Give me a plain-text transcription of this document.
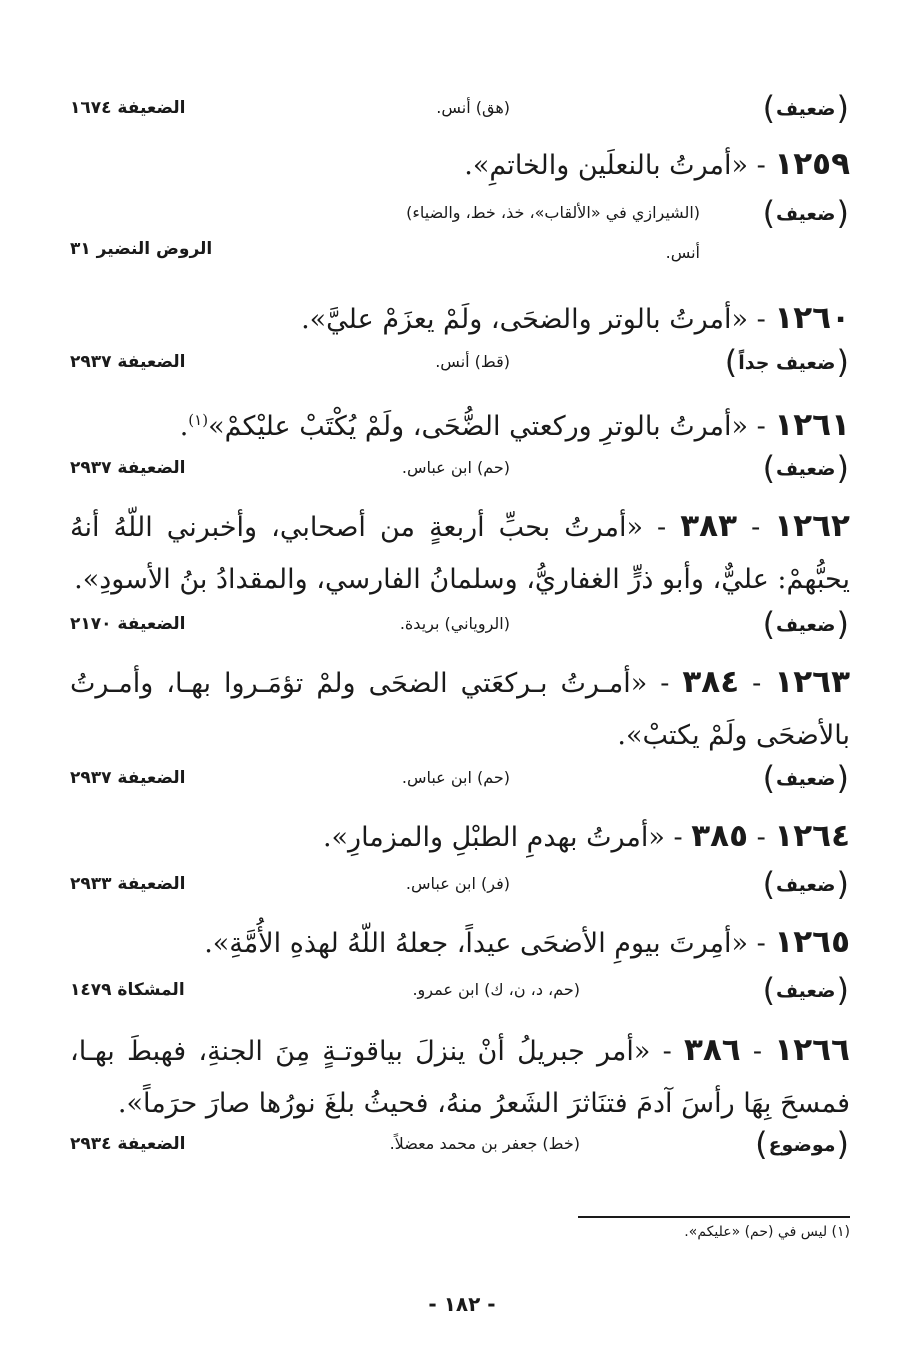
(ضعيف)
(هق) أنس.
الضعيفة ١٦٧٤
١٢٥٩ - «أمرتُ بالنعلَين والخاتمِ».
(ضعيف)
(الشيرازي في «الألقاب»، خذ، خط، والضياء)
أنس.
الروض النضير ٣١
١٢٦٠ - «أمرتُ بالوتر والضحَى، ولَمْ يعزَمْ عليَّ».
(ضعيف جداً)
(قط) أنس.
الضعيفة ٢٩٣٧
١٢٦١ - «أمرتُ بالوترِ وركعتي الضُّحَى، ولَمْ يُكْتَبْ عليْكمْ»$^{(١)}$.
(ضعيف)
(حم) ابن عباس.
الضعيفة ٢٩٣٧
١٢٦٢ - ٣٨٣ - «أمرتُ بحبِّ أربعةٍ من أصحابي، وأخبرني اللّهُ أنهُ يحبُّهمْ: عليٌّ، وأبو ذرٍّ الغفاريُّ، وسلمانُ الفارسي، والمقدادُ بنُ الأسودِ».
(ضعيف)
(الروياني) بريدة.
الضعيفة ٢١٧٠
١٢٦٣ - ٣٨٤ - «أمـرتُ بـركعَتي الضحَى ولمْ تؤمَـروا بهـا، وأمـرتُ بالأضحَى ولَمْ يكتبْ».
(ضعيف)
(حم) ابن عباس.
الضعيفة ٢٩٣٧
١٢٦٤ - ٣٨٥ - «أمرتُ بهدمِ الطبْلِ والمزمارِ».
(ضعيف)
(فر) ابن عباس.
الضعيفة ٢٩٣٣
١٢٦٥ - «أمِرتَ بيومِ الأضحَى عيداً، جعلهُ اللّهُ لهذهِ الأُمَّةِ».
(ضعيف)
(حم، د، ن، ك) ابن عمرو.
المشكاة ١٤٧٩
١٢٦٦ - ٣٨٦ - «أمر جبريلُ أنْ ينزلَ بياقوتـةٍ مِنَ الجنةِ، فهبطَ بهـا، فمسحَ بِهَا رأسَ آدمَ فتنَاثرَ الشَعرُ منهُ، فحيثُ بلغَ نورُها صارَ حرَماً».
(موضوع)
(خط) جعفر بن محمد معضلاً.
الضعيفة ٢٩٣٤
(١) ليس في (حم) «عليكم».
- ١٨٢ -
